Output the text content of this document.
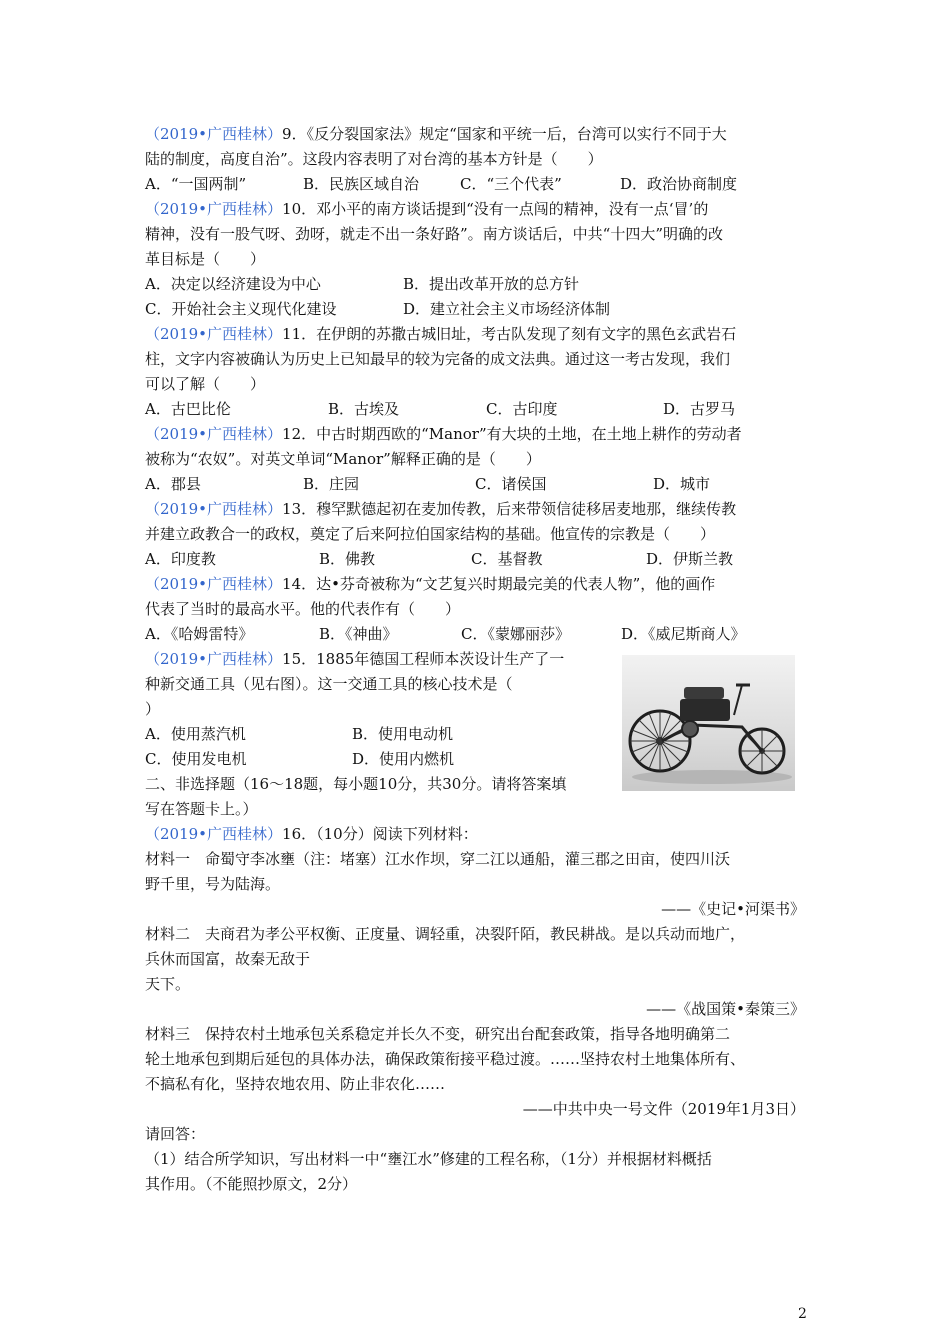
（2019•广西桂林）9．《反分裂国家法》规定“国家和平统一后，台湾可以实行不同于大
陆的制度，高度自治”。这段内容表明了对台湾的基本方针是（　　）
A．“一国两制”	B．民族区域自治	C．“三个代表”	D．政治协商制度
（2019•广西桂林）10．邓小平的南方谈话提到“没有一点闯的精神，没有一点‘冒’的
精神，没有一股气呀、劲呀，就走不出一条好路”。南方谈话后，中共“十四大”明确的改
革目标是（　　）
A．决定以经济建设为中心	B．提出改革开放的总方针
C．开始社会主义现代化建设	D．建立社会主义市场经济体制
（2019•广西桂林）11．在伊朗的苏撒古城旧址，考古队发现了刻有文字的黑色玄武岩石
柱，文字内容被确认为历史上已知最早的较为完备的成文法典。通过这一考古发现，我们
可以了解（　　）
A．古巴比伦	B．古埃及	C．古印度	D．古罗马
（2019•广西桂林）12．中古时期西欧的“Manor”有大块的土地，在土地上耕作的劳动者
被称为“农奴”。对英文单词“Manor”解释正确的是（　　）
A．郡县	B．庄园	C．诸侯国	D．城市
（2019•广西桂林）13．穆罕默德起初在麦加传教，后来带领信徒移居麦地那，继续传教
并建立政教合一的政权，奠定了后来阿拉伯国家结构的基础。他宣传的宗教是（　　）
A．印度教	B．佛教	C．基督教	D．伊斯兰教
（2019•广西桂林）14．达•芬奇被称为“文艺复兴时期最完美的代表人物”，他的画作
代表了当时的最高水平。他的代表作有（　　）
A．《哈姆雷特》	B．《神曲》	C．《蒙娜丽莎》	D．《威尼斯商人》
（2019•广西桂林）15．1885年德国工程师本茨设计生产了一
种新交通工具（见右图）。这一交通工具的核心技术是（
）
A．使用蒸汽机	B．使用电动机
C．使用发电机	D．使用内燃机
二、非选择题（16～18题，每小题10分，共30分。请将答案填
写在答题卡上。）
（2019•广西桂林）16．（10分）阅读下列材料：
材料一　命蜀守李冰壅（注：堵塞）江水作坝，穿二江以通船，灌三郡之田亩，使四川沃
野千里，号为陆海。
——《史记•河渠书》
材料二　夫商君为孝公平权衡、正度量、调轻重，决裂阡陌，教民耕战。是以兵动而地广，
兵休而国富，故秦无敌于
天下。
——《战国策•秦策三》
材料三　保持农村土地承包关系稳定并长久不变，研究出台配套政策，指导各地明确第二
轮土地承包到期后延包的具体办法，确保政策衔接平稳过渡。……坚持农村土地集体所有、
不搞私有化，坚持农地农用、防止非农化……
——中共中央一号文件（2019年1月3日）
请回答：
（1）结合所学知识，写出材料一中“壅江水”修建的工程名称，（1分）并根据材料概括
其作用。（不能照抄原文，2分）
2
